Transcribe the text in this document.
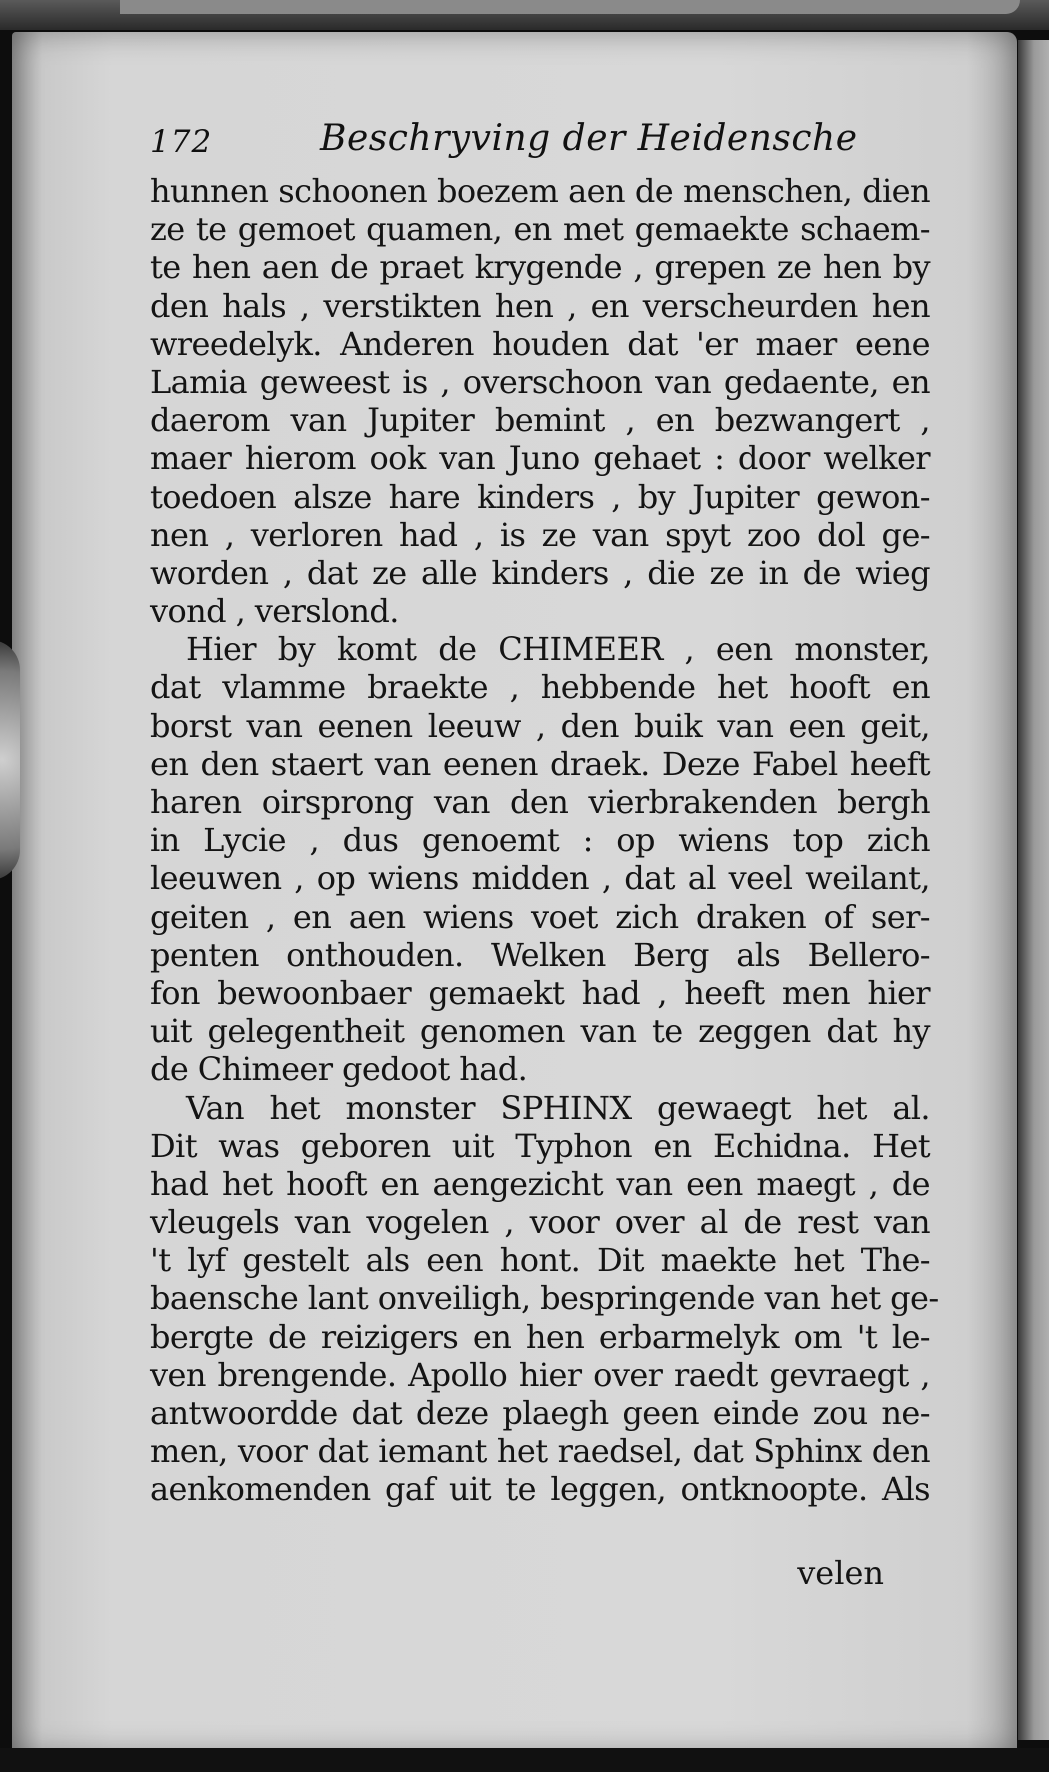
172	Beschryving der Heidensche
hunnen schoonen boezem aen de menschen, dien
ze te gemoet quamen, en met gemaekte schaem-
te hen aen de praet krygende , grepen ze hen by
den hals , verstikten hen , en verscheurden hen
wreedelyk. Anderen houden dat 'er maer eene
Lamia geweest is , overschoon van gedaente, en
daerom van Jupiter bemint , en bezwangert ,
maer hierom ook van Juno gehaet : door welker
toedoen alsze hare kinders , by Jupiter gewon-
nen , verloren had , is ze van spyt zoo dol ge-
worden , dat ze alle kinders , die ze in de wieg
vond , verslond.
Hier by komt de CHIMEER , een monster,
dat vlamme braekte , hebbende het hooft en
borst van eenen leeuw , den buik van een geit,
en den staert van eenen draek. Deze Fabel heeft
haren oirsprong van den vierbrakenden bergh
in Lycie , dus genoemt : op wiens top zich
leeuwen , op wiens midden , dat al veel weilant,
geiten , en aen wiens voet zich draken of ser-
penten onthouden. Welken Berg als Bellero-
fon bewoonbaer gemaekt had , heeft men hier
uit gelegentheit genomen van te zeggen dat hy
de Chimeer gedoot had.
Van het monster SPHINX gewaegt het al.
Dit was geboren uit Typhon en Echidna. Het
had het hooft en aengezicht van een maegt , de
vleugels van vogelen , voor over al de rest van
't lyf gestelt als een hont. Dit maekte het The-
baensche lant onveiligh, bespringende van het ge-
bergte de reizigers en hen erbarmelyk om 't le-
ven brengende. Apollo hier over raedt gevraegt ,
antwoordde dat deze plaegh geen einde zou ne-
men, voor dat iemant het raedsel, dat Sphinx den
aenkomenden gaf uit te leggen, ontknoopte. Als
velen
